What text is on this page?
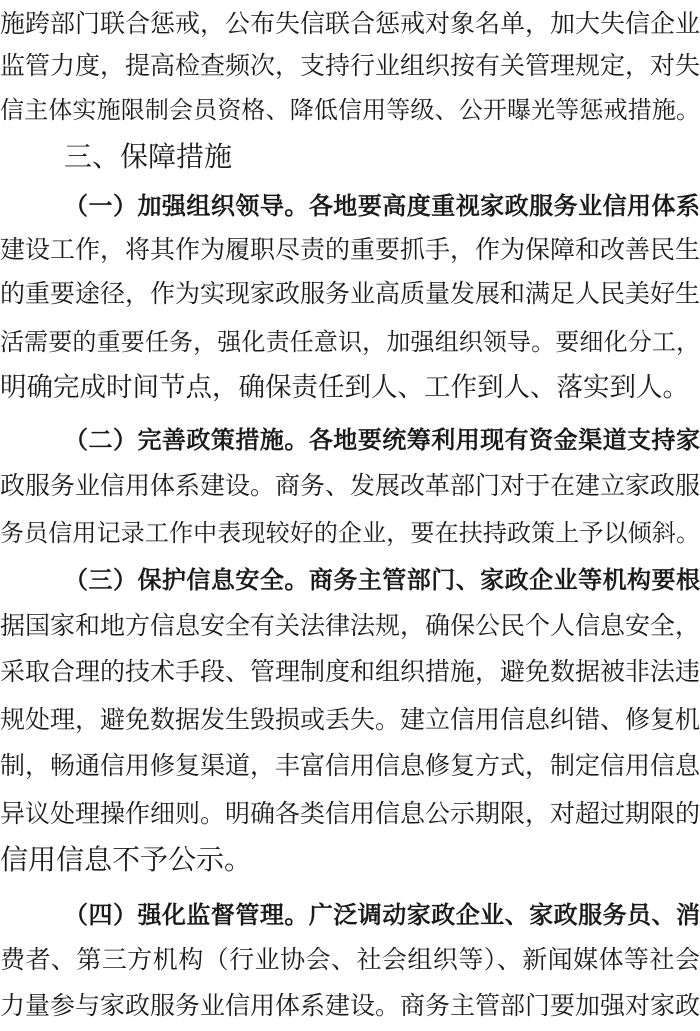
施跨部门联合惩戒，公布失信联合惩戒对象名单，加大失信企业
监管力度，提高检查频次，支持行业组织按有关管理规定，对失
信主体实施限制会员资格、降低信用等级、公开曝光等惩戒措施。
三、保障措施
（一）加强组织领导。各地要高度重视家政服务业信用体系
建设工作，将其作为履职尽责的重要抓手，作为保障和改善民生
的重要途径，作为实现家政服务业高质量发展和满足人民美好生
活需要的重要任务，强化责任意识，加强组织领导。要细化分工，
明确完成时间节点，确保责任到人、工作到人、落实到人。
（二）完善政策措施。各地要统筹利用现有资金渠道支持家
政服务业信用体系建设。商务、发展改革部门对于在建立家政服
务员信用记录工作中表现较好的企业，要在扶持政策上予以倾斜。
（三）保护信息安全。商务主管部门、家政企业等机构要根
据国家和地方信息安全有关法律法规，确保公民个人信息安全，
采取合理的技术手段、管理制度和组织措施，避免数据被非法违
规处理，避免数据发生毁损或丢失。建立信用信息纠错、修复机
制，畅通信用修复渠道，丰富信用信息修复方式，制定信用信息
异议处理操作细则。明确各类信用信息公示期限，对超过期限的
信用信息不予公示。
（四）强化监督管理。广泛调动家政企业、家政服务员、消
费者、第三方机构（行业协会、社会组织等）、新闻媒体等社会
力量参与家政服务业信用体系建设。商务主管部门要加强对家政
